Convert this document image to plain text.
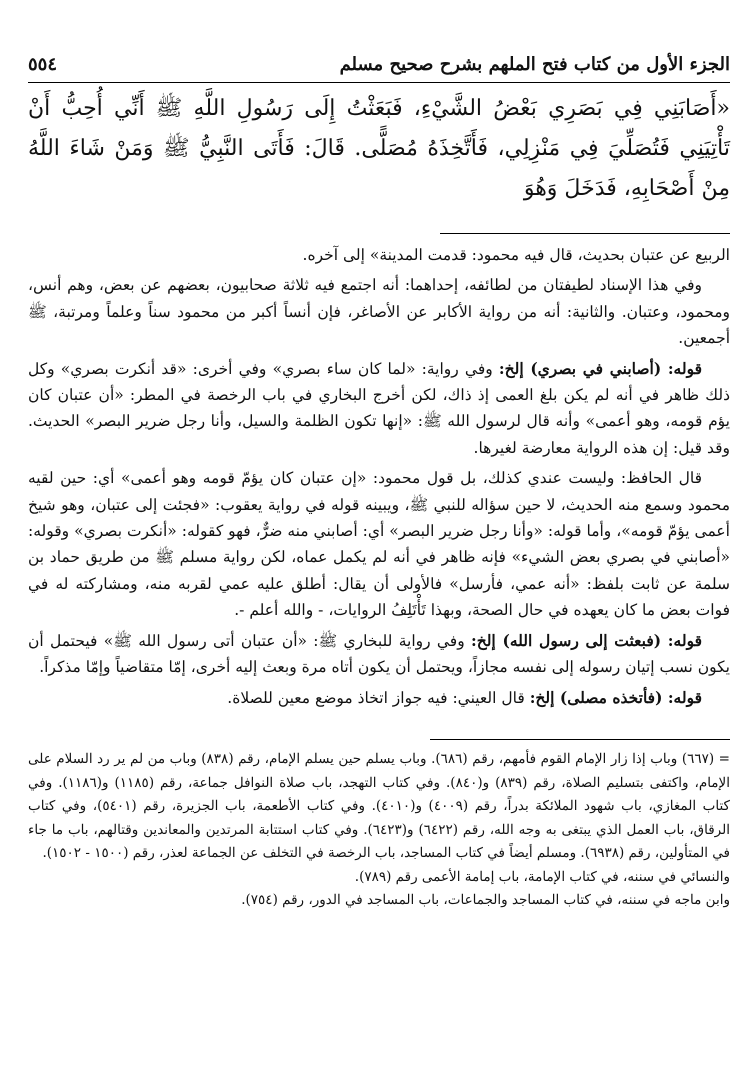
الجزء الأول من كتاب فتح الملهم بشرح صحيح مسلم
٥٥٤
«أَصَابَنِي فِي بَصَرِي بَعْضُ الشَّيْءِ، فَبَعَثْتُ إِلَى رَسُولِ اللَّهِ ﷺ أَنِّي أُحِبُّ أَنْ تَأْتِيَنِي فَتُصَلِّيَ فِي مَنْزِلِي، فَأَتَّخِذَهُ مُصَلًّى. قَالَ: فَأَتَى النَّبِيُّ ﷺ وَمَنْ شَاءَ اللَّهُ مِنْ أَصْحَابِهِ، فَدَخَلَ وَهُوَ

الربيع عن عتبان بحديث، قال فيه محمود: قدمت المدينة» إلى آخره.

وفي هذا الإسناد لطيفتان من لطائفه، إحداهما: أنه اجتمع فيه ثلاثة صحابيون، بعضهم عن بعض، وهم أنس، ومحمود، وعتبان. والثانية: أنه من رواية الأكابر عن الأصاغر، فإن أنساً أكبر من محمود سناً وعلماً ومرتبة، ﷺ أجمعين.

قوله: (أصابني في بصري) إلخ: وفي رواية: «لما كان ساء بصري» وفي أخرى: «قد أنكرت بصري» وكل ذلك ظاهر في أنه لم يكن بلغ العمى إذ ذاك، لكن أخرج البخاري في باب الرخصة في المطر: «أن عتبان كان يؤم قومه، وهو أعمى» وأنه قال لرسول الله ﷺ: «إنها تكون الظلمة والسيل، وأنا رجل ضرير البصر» الحديث. وقد قيل: إن هذه الرواية معارضة لغيرها.

قال الحافظ: وليست عندي كذلك، بل قول محمود: «إن عتبان كان يؤمّ قومه وهو أعمى» أي: حين لقيه محمود وسمع منه الحديث، لا حين سؤاله للنبي ﷺ، ويبينه قوله في رواية يعقوب: «فجئت إلى عتبان، وهو شيخ أعمى يؤمّ قومه»، وأما قوله: «وأنا رجل ضرير البصر» أي: أصابني منه ضرٌّ، فهو كقوله: «أنكرت بصري» وقوله: «أصابني في بصري بعض الشيء» فإنه ظاهر في أنه لم يكمل عماه، لكن رواية مسلم ﷺ من طريق حماد بن سلمة عن ثابت بلفظ: «أنه عمي، فأرسل» فالأولى أن يقال: أطلق عليه عمي لقربه منه، ومشاركته له في فوات بعض ما كان يعهده في حال الصحة، وبهذا تَأْتَلِفُ الروايات، - والله أعلم -.

قوله: (فبعثت إلى رسول الله) إلخ: وفي رواية للبخاري ﷺ: «أن عتبان أتى رسول الله ﷺ» فيحتمل أن يكون نسب إتيان رسوله إلى نفسه مجازاً، ويحتمل أن يكون أتاه مرة وبعث إليه أخرى، إمّا متقاضياً وإمّا مذكراً.

قوله: (فأتخذه مصلى) إلخ: قال العيني: فيه جواز اتخاذ موضع معين للصلاة.

= (٦٦٧) وباب إذا زار الإمام القوم فأمهم، رقم (٦٨٦). وباب يسلم حين يسلم الإمام، رقم (٨٣٨) وباب من لم ير رد السلام على الإمام، واكتفى بتسليم الصلاة، رقم (٨٣٩) و(٨٤٠). وفي كتاب التهجد، باب صلاة النوافل جماعة، رقم (١١٨٥) و(١١٨٦). وفي كتاب المغازي، باب شهود الملائكة بدراً، رقم (٤٠٠٩) و(٤٠١٠). وفي كتاب الأطعمة، باب الجزيرة، رقم (٥٤٠١)، وفي كتاب الرقاق، باب العمل الذي يبتغى به وجه الله، رقم (٦٤٢٢) و(٦٤٢٣). وفي كتاب استتابة المرتدين والمعاندين وقتالهم، باب ما جاء في المتأولين، رقم (٦٩٣٨). ومسلم أيضاً في كتاب المساجد، باب الرخصة في التخلف عن الجماعة لعذر، رقم (١٥٠٠ - ١٥٠٢).

والنسائي في سننه، في كتاب الإمامة، باب إمامة الأعمى رقم (٧٨٩).

وابن ماجه في سننه، في كتاب المساجد والجماعات، باب المساجد في الدور، رقم (٧٥٤).
